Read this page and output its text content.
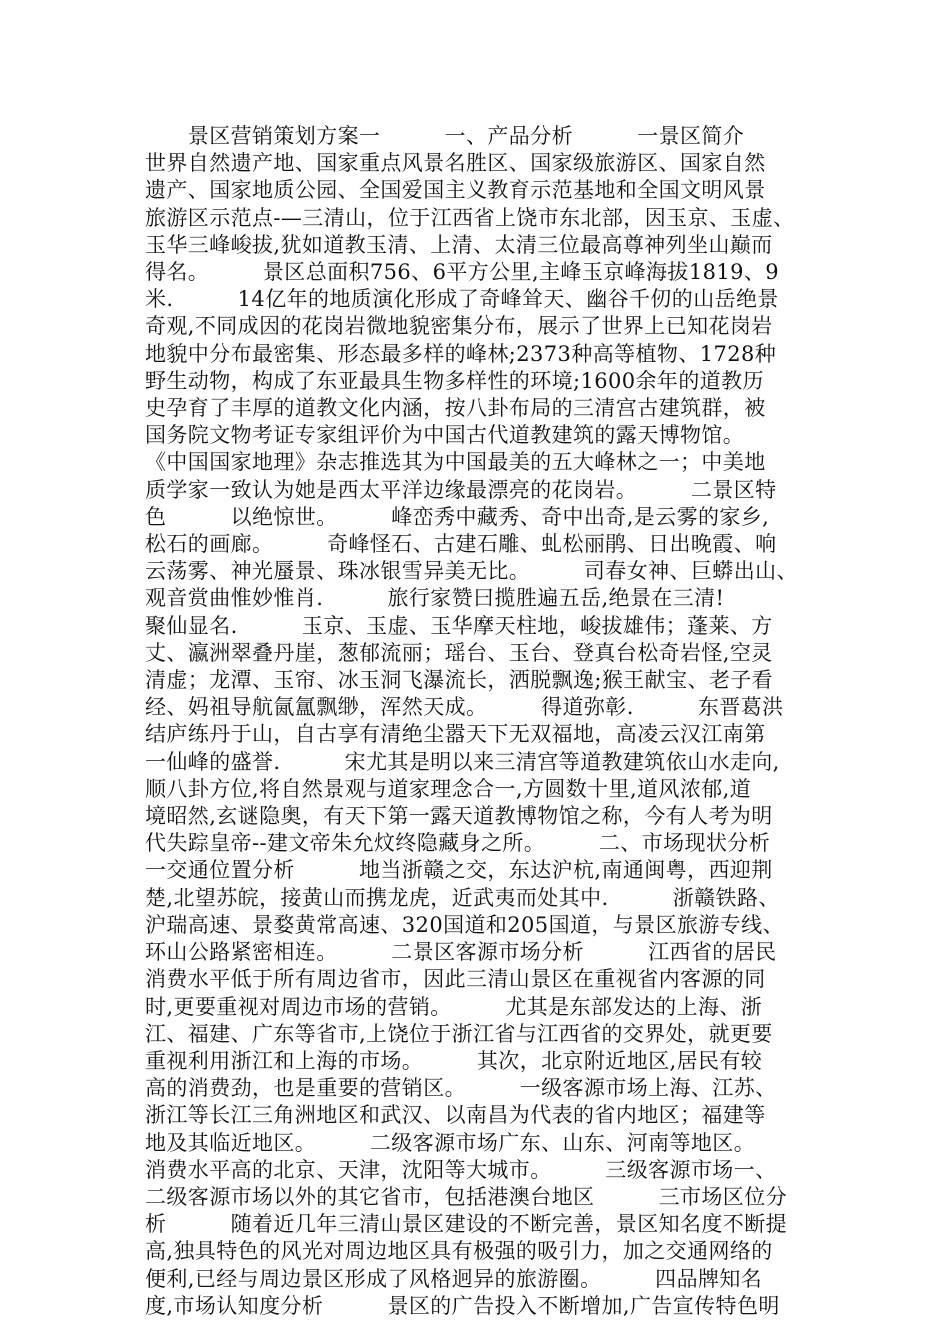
　　景区营销策划方案一　　　一、产品分析　　　一景区简介
世界自然遗产地、国家重点风景名胜区、国家级旅游区、国家自然
遗产、国家地质公园、全国爱国主义教育示范基地和全国文明风景
旅游区示范点-—三清山，位于江西省上饶市东北部，因玉京、玉虚、
玉华三峰峻拔,犹如道教玉清、上清、太清三位最高尊神列坐山巅而
得名。　　　景区总面积756、6平方公里,主峰玉京峰海拔1819、9
米.　　　14亿年的地质演化形成了奇峰耸天、幽谷千仞的山岳绝景
奇观,不同成因的花岗岩微地貌密集分布，展示了世界上已知花岗岩
地貌中分布最密集、形态最多样的峰林;2373种高等植物、1728种
野生动物，构成了东亚最具生物多样性的环境;1600余年的道教历
史孕育了丰厚的道教文化内涵，按八卦布局的三清宫古建筑群，被
国务院文物考证专家组评价为中国古代道教建筑的露天博物馆。
《中国国家地理》杂志推选其为中国最美的五大峰林之一；中美地
质学家一致认为她是西太平洋边缘最漂亮的花岗岩。　　　二景区特
色　　　以绝惊世。　　　峰峦秀中藏秀、奇中出奇,是云雾的家乡,
松石的画廊。　　　奇峰怪石、古建石雕、虬松丽鹃、日出晚霞、响
云荡雾、神光蜃景、珠冰银雪异美无比。　　　司春女神、巨蟒出山、
观音赏曲惟妙惟肖.　　　旅行家赞曰揽胜遍五岳,绝景在三清!
聚仙显名.　　　玉京、玉虚、玉华摩天柱地，峻拔雄伟；蓬莱、方
丈、瀛洲翠叠丹崖，葱郁流丽；瑶台、玉台、登真台松奇岩怪,空灵
清虚；龙潭、玉帘、冰玉洞飞瀑流长，洒脱飘逸;猴王献宝、老子看
经、妈祖导航氤氲飘缈，浑然天成。　　　得道弥彰.　　　东晋葛洪
结庐练丹于山，自古享有清绝尘嚣天下无双福地，高凌云汉江南第
一仙峰的盛誉.　　　宋尤其是明以来三清宫等道教建筑依山水走向,
顺八卦方位,将自然景观与道家理念合一,方圆数十里,道风浓郁,道
境昭然,玄谜隐奥，有天下第一露天道教博物馆之称，今有人考为明
代失踪皇帝--建文帝朱允炆终隐藏身之所。　　　二、市场现状分析
一交通位置分析　　　地当浙赣之交，东达沪杭,南通闽粤，西迎荆
楚,北望苏皖，接黄山而携龙虎，近武夷而处其中.　　　浙赣铁路、
沪瑞高速、景婺黄常高速、320国道和205国道，与景区旅游专线、
环山公路紧密相连。　　　二景区客源市场分析　　　江西省的居民
消费水平低于所有周边省市，因此三清山景区在重视省内客源的同
时,更要重视对周边市场的营销。　　　尤其是东部发达的上海、浙
江、福建、广东等省市,上饶位于浙江省与江西省的交界处，就更要
重视利用浙江和上海的市场。　　　其次，北京附近地区,居民有较
高的消费劲，也是重要的营销区。　　　一级客源市场上海、江苏、
浙江等长江三角洲地区和武汉、以南昌为代表的省内地区；福建等
地及其临近地区。　　　二级客源市场广东、山东、河南等地区。
消费水平高的北京、天津，沈阳等大城市。　　　三级客源市场一、
二级客源市场以外的其它省市，包括港澳台地区　　　三市场区位分
析　　　随着近几年三清山景区建设的不断完善，景区知名度不断提
高,独具特色的风光对周边地区具有极强的吸引力，加之交通网络的
便利,已经与周边景区形成了风格迥异的旅游圈。　　　四品牌知名
度,市场认知度分析　　　景区的广告投入不断增加,广告宣传特色明
